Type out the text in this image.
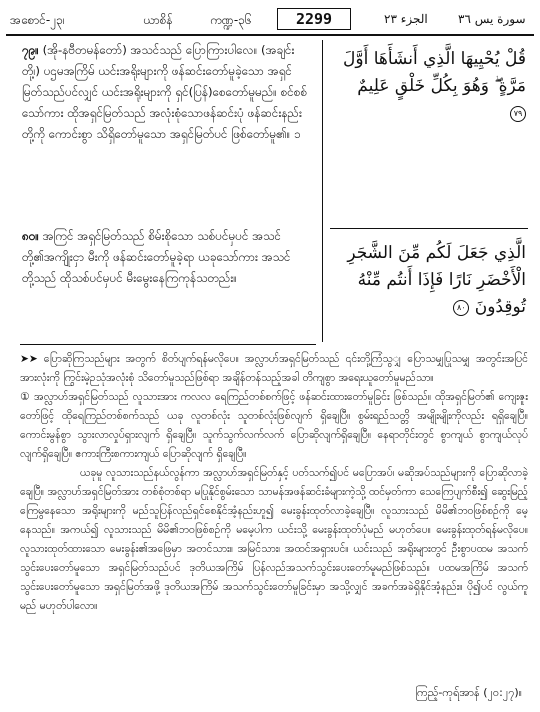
အစောင်-၂၃၊	ယာစိန်	ကဏ္ဍ-၃၆	2299	الجزء ٢٣	سورة يس ٣٦

၇၉။ (အို-နဗီတမန်တော်) အသင်သည် ပြောကြားပါလေ။ (အချင်းတို့၊) ပဌမအကြိမ် ယင်းအရိုးများကို ဖန်ဆင်းတော်မူခဲ့သော အရှင်မြတ်သည်ပင်လျှင် ယင်းအရိုးများကို ရှင်(ပြန်)စေတော်မူမည်။ စင်စစ်သော်ကား ထိုအရှင်မြတ်သည် အလုံးစုံသောဖန်ဆင်းပုံ ဖန်ဆင်းနည်းတို့ကို ကောင်းစွာ သိရှိတော်မူသော အရှင်မြတ်ပင် ဖြစ်တော်မူ၏။ ၁

قُلْ يُحْيِيهَا الَّذِي أَنشَأَهَا أَوَّلَ مَرَّةٍ ۖ وَهُوَ بِكُلِّ خَلْقٍ عَلِيمٌ ٧٩

၈၀။ အကြင် အရှင်မြတ်သည် စိမ်းစိုသော သစ်ပင်မှပင် အသင်တို့၏အကျိုးငှာ မီးကို ဖန်ဆင်းတော်မူခဲ့ရာ ယခုသော်ကား အသင်တို့သည် ထိုသစ်ပင်မှပင် မီးမွေးနေကြကုန်သတည်း။

الَّذِي جَعَلَ لَكُم مِّنَ الشَّجَرِ الْأَخْضَرِ نَارًا فَإِذَا أَنتُم مِّنْهُ تُوقِدُونَ ٨٠

➤➤ ပြောဆိုကြသည်များ အတွက် စိတ်ပျက်ရန်မလိုပေ။ အလ္လာဟ်အရှင်မြတ်သည် ၎င်းတို့ကြံသွျှ ပြောသမျှပြုသမျှ အတွင်းအပြင် အားလုံးကို ကြွင်းမဲ့ဉသုံအလုံးစုံ သိတော်မူသည်ဖြစ်ရာ အချိန်တန်သည့်အခါ တိကျစွာ အရေးယူတော်မူမည်သာ။

① အလ္လာဟ်အရှင်မြတ်သည် လူသားအား ကလလ ရေကြည်တစ်စက်ဖြင့် ဖန်ဆင်းထားတော်မူခြင်း ဖြစ်သည်။ ထိုအရှင်မြတ်၏ ကျေးဇူးတော်ဖြင့် ထိုရေကြည်တစ်စက်သည် ယခု လူတစ်လုံး သူတစ်လုံးဖြစ်လျက် ရှိချေပြီ။ စွမ်းရည်သတ္တိ အမျိုးမျိုးကိုလည်း ရရှိချေပြီ။ ကောင်းမွန်စွာ သွားလာလှုပ်ရှားလျက် ရှိချေပြီ။ သူက်သွက်လက်လက် ပြောဆိုလျက်ရှိချေပြီ။ နေရာတိုင်းတွင် စွာကျယ် စွာကျယ်လုပ်လျက်ရှိချေပြီ။ ဧကားကြီးစကားကျယ် ပြောဆိုလျက် ရှိချေပြီ။

ယခုမူ လူသားသည်နယ်လွန်ကာ အလ္လာဟ်အရှင်မြတ်နှင့် ပတ်သက်၍ပင် မပြောအပ်၊ မဆိုအပ်သည်များကို ပြောဆိုလာခဲ့ချေပြီ။ အလ္လာဟ်အရှင်မြတ်အား တစ်စုံတစ်ရာ မပြုနိုင်စွမ်းသော သာမန်အဖန်ဆင်းခံများကဲ့သို့ ထင်မှတ်ကာ သေကြေပျက်စီး၍ ဆွေးမြည့်ကြေမွနေသော အရိုးများကို မည်သူပြန်လည်ရှင်စေနိုင်အံ့နည်းဟူ၍ မေးခွန်းထုတ်လာခဲ့ချေပြီ။ လူသားသည် မိမိ၏ဘဝဖြစ်စဉ်ကို မေ့နေသည်။ အကယ်၍ လူသားသည် မိမိ၏ဘဝဖြစ်စဉ်ကို မမေ့ပါက ယင်းသို့ မေးခွန်းထုတ်ပုံမည် မဟုတ်ပေ။ မေးခွန်းထုတ်ရန်မလိုပေ။ လူသားထုတ်ထားသော မေးခွန်း၏အဖြေမှာ အတင်သား။ အမြင်သား၊ အထင်အရှားပင်။ ယင်းသည် အရိုးများတွင် ဦးစွာပထမ အသက်သွင်းပေးတော်မူသော အရှင်မြတ်သည်ပင် ဒုတိယအကြိမ် ပြန်လည်အသက်သွင်းပေးတော်မူမည်ဖြစ်သည်။ ပထမအကြိမ် အသက်သွင်းပေးတော်မူသော အရှင်မြတ်အဖို့ ဒုတိယအကြိမ် အသက်သွင်းတော်မူခြင်းမှာ အသို့လျှင် အခက်အခဲရှိနိုင်အံ့နည်း။ ပို၍ပင် လွယ်ကူမည် မဟုတ်ပါလော။

ကြည့်-ကုရ်အာန် (၂၀:၂၇)။
